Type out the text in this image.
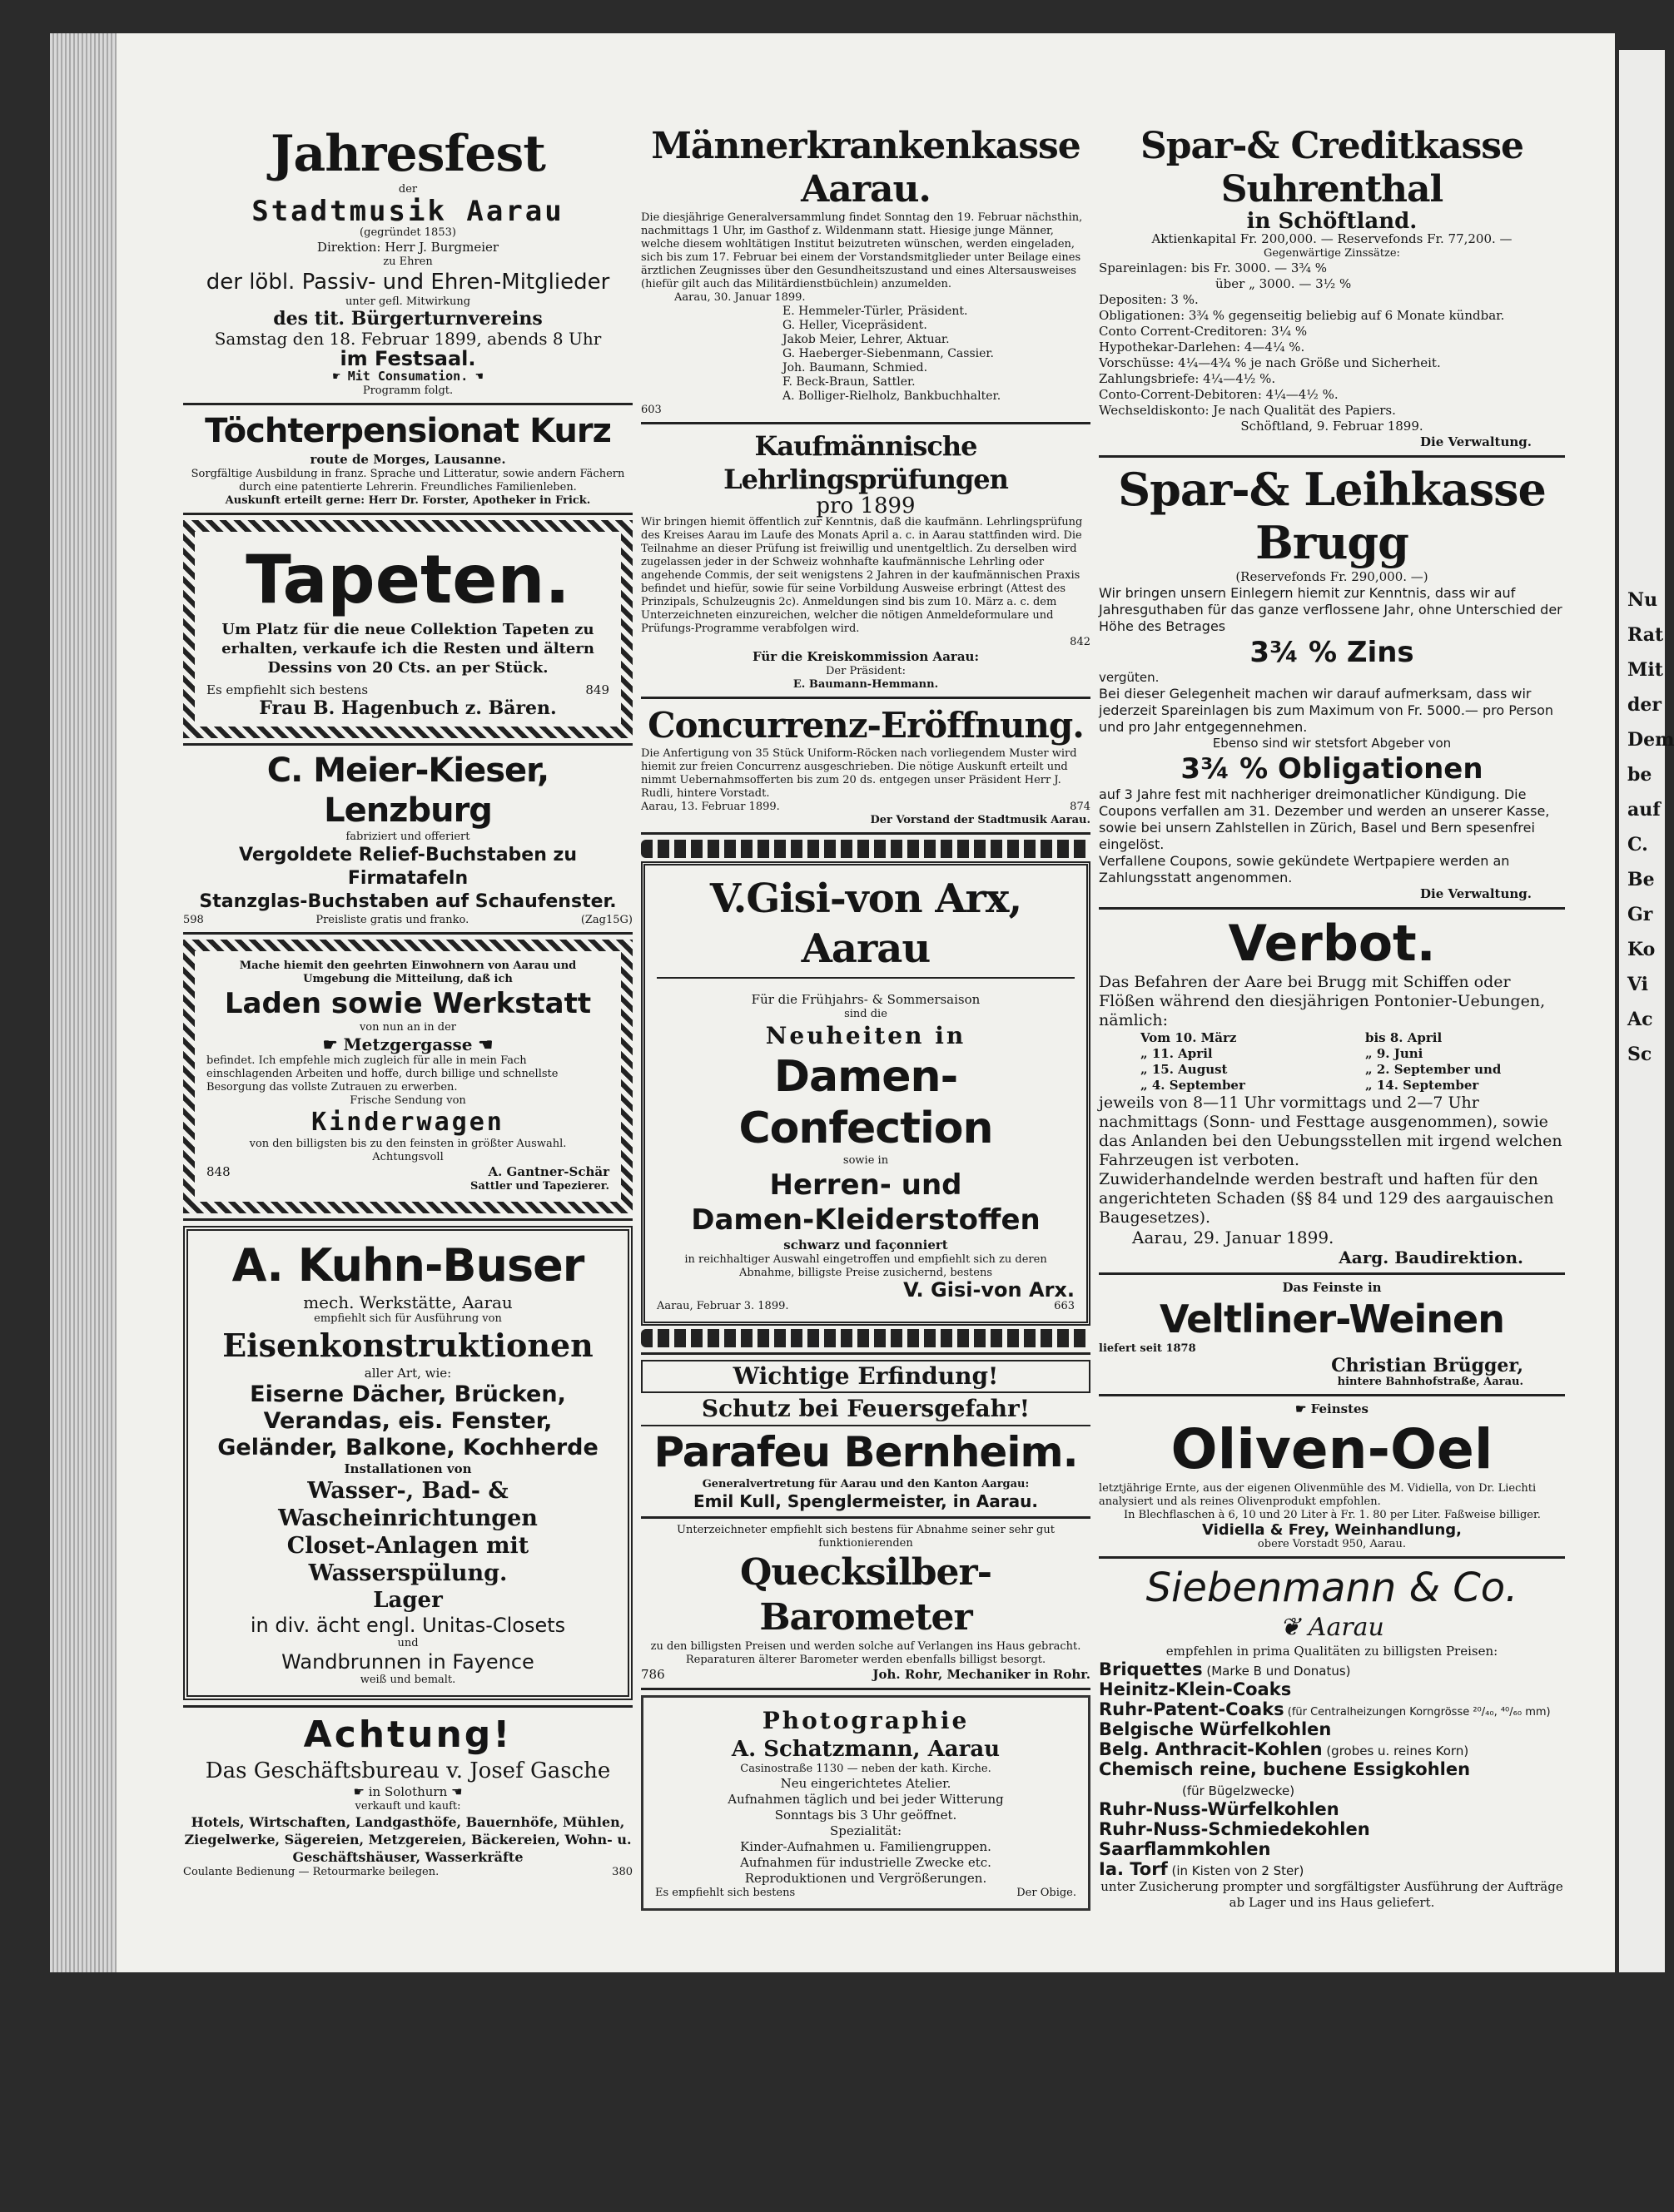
Jahresfest

der

Stadtmusik Aarau

(gegründet 1853)

Direktion: Herr J. Burgmeier

zu Ehren

der löbl. Passiv- und Ehren-Mitglieder

unter gefl. Mitwirkung

des tit. Bürgerturnvereins

Samstag den 18. Februar 1899, abends 8 Uhr

im Festsaal.

☛ Mit Consumation. ☚

Programm folgt.

Töchterpensionat Kurz

route de Morges, Lausanne.

Sorgfältige Ausbildung in franz. Sprache und Litteratur, sowie andern Fächern durch eine patentierte Lehrerin. Freundliches Familienleben.

Auskunft erteilt gerne: Herr Dr. Forster, Apotheker in Frick.

Tapeten.

Um Platz für die neue Collektion Tapeten zu erhalten, verkaufe ich die Resten und ältern Dessins von 20 Cts. an per Stück.

Es empfiehlt sich bestens	849

Frau B. Hagenbuch z. Bären.

C. Meier-Kieser, Lenzburg

fabriziert und offeriert

Vergoldete Relief-Buchstaben zu Firmatafeln

Stanzglas-Buchstaben auf Schaufenster.

598	Preisliste gratis und franko.	(Zag15G)

Mache hiemit den geehrten Einwohnern von Aarau und Umgebung die Mitteilung, daß ich

Laden sowie Werkstatt

von nun an in der

☛ Metzgergasse ☚

befindet. Ich empfehle mich zugleich für alle in mein Fach einschlagenden Arbeiten und hoffe, durch billige und schnellste Besorgung das vollste Zutrauen zu erwerben.

Frische Sendung von

Kinderwagen

von den billigsten bis zu den feinsten in größter Auswahl.

Achtungsvoll

848	A. Gantner-Schär

Sattler und Tapezierer.

A. Kuhn-Buser

mech. Werkstätte, Aarau

empfiehlt sich für Ausführung von

Eisenkonstruktionen

aller Art, wie:

Eiserne Dächer, Brücken, Verandas, eis. Fenster, Geländer, Balkone, Kochherde

Installationen von

Wasser-, Bad- & Wascheinrichtungen

Closet-Anlagen mit Wasserspülung.

Lager

in div. ächt engl. Unitas-Closets

und

Wandbrunnen in Fayence

weiß und bemalt.

Achtung!

Das Geschäftsbureau v. Josef Gasche

☛ in Solothurn ☚

verkauft und kauft:

Hotels, Wirtschaften, Landgasthöfe, Bauernhöfe, Mühlen, Ziegelwerke, Sägereien, Metzgereien, Bäckereien, Wohn- u. Geschäftshäuser, Wasserkräfte

Coulante Bedienung — Retourmarke beilegen.	380

Männerkrankenkasse Aarau.

Die diesjährige Generalversammlung findet Sonntag den 19. Februar nächsthin, nachmittags 1 Uhr, im Gasthof z. Wildenmann statt. Hiesige junge Männer, welche diesem wohltätigen Institut beizutreten wünschen, werden eingeladen, sich bis zum 17. Februar bei einem der Vorstandsmitglieder unter Beilage eines ärztlichen Zeugnisses über den Gesundheitszustand und eines Altersausweises (hiefür gilt auch das Militärdienstbüchlein) anzumelden.

Aarau, 30. Januar 1899.

E. Hemmeler-Türler, Präsident.

G. Heller, Vicepräsident.

Jakob Meier, Lehrer, Aktuar.

G. Haeberger-Siebenmann, Cassier.

Joh. Baumann, Schmied.

F. Beck-Braun, Sattler.

A. Bolliger-Rielholz, Bankbuchhalter.

603

Kaufmännische Lehrlingsprüfungen

pro 1899

Wir bringen hiemit öffentlich zur Kenntnis, daß die kaufmänn. Lehrlingsprüfung des Kreises Aarau im Laufe des Monats April a. c. in Aarau stattfinden wird. Die Teilnahme an dieser Prüfung ist freiwillig und unentgeltlich. Zu derselben wird zugelassen jeder in der Schweiz wohnhafte kaufmännische Lehrling oder angehende Commis, der seit wenigstens 2 Jahren in der kaufmännischen Praxis befindet und hiefür, sowie für seine Vorbildung Ausweise erbringt (Attest des Prinzipals, Schulzeugnis 2c). Anmeldungen sind bis zum 10. März a. c. dem Unterzeichneten einzureichen, welcher die nötigen Anmeldeformulare und Prüfungs-Programme verabfolgen wird.

842

Für die Kreiskommission Aarau:

Der Präsident:

E. Baumann-Hemmann.

Concurrenz-Eröffnung.

Die Anfertigung von 35 Stück Uniform-Röcken nach vorliegendem Muster wird hiemit zur freien Concurrenz ausgeschrieben. Die nötige Auskunft erteilt und nimmt Uebernahmsofferten bis zum 20 ds. entgegen unser Präsident Herr J. Rudli, hintere Vorstadt.

Aarau, 13. Februar 1899.	874

Der Vorstand der Stadtmusik Aarau.

V.Gisi-von Arx, Aarau

Für die Frühjahrs- & Sommersaison

sind die

Neuheiten in

Damen-Confection

sowie in

Herren- und

Damen-Kleiderstoffen

schwarz und façonniert

in reichhaltiger Auswahl eingetroffen und empfiehlt sich zu deren Abnahme, billigste Preise zusichernd, bestens

V. Gisi-von Arx.

Aarau, Februar 3. 1899.	663

Wichtige Erfindung!

Schutz bei Feuersgefahr!

Parafeu Bernheim.

Generalvertretung für Aarau und den Kanton Aargau:

Emil Kull, Spenglermeister, in Aarau.

Unterzeichneter empfiehlt sich bestens für Abnahme seiner sehr gut funktionierenden

Quecksilber-Barometer

zu den billigsten Preisen und werden solche auf Verlangen ins Haus gebracht. Reparaturen älterer Barometer werden ebenfalls billigst besorgt.

786	Joh. Rohr, Mechaniker in Rohr.

Photographie

A. Schatzmann, Aarau

Casinostraße 1130 — neben der kath. Kirche.

Neu eingerichtetes Atelier.

Aufnahmen täglich und bei jeder Witterung

Sonntags bis 3 Uhr geöffnet.

Spezialität:

Kinder-Aufnahmen u. Familiengruppen.

Aufnahmen für industrielle Zwecke etc.

Reproduktionen und Vergrößerungen.

Es empfiehlt sich bestens	Der Obige.

Spar-& Creditkasse Suhrenthal

in Schöftland.

Aktienkapital Fr. 200,000. — Reservefonds Fr. 77,200. —

Gegenwärtige Zinssätze:

Spareinlagen: bis Fr. 3000. — 3¾ %

über „ 3000. — 3½ %

Depositen: 3 %.

Obligationen: 3¾ % gegenseitig beliebig auf 6 Monate kündbar.

Conto Corrent-Creditoren: 3¼ %

Hypothekar-Darlehen: 4—4¼ %.

Vorschüsse: 4¼—4¾ % je nach Größe und Sicherheit.

Zahlungsbriefe: 4¼—4½ %.

Conto-Corrent-Debitoren: 4¼—4½ %.

Wechseldiskonto: Je nach Qualität des Papiers.

Schöftland, 9. Februar 1899.

Die Verwaltung.

Spar-& Leihkasse Brugg

(Reservefonds Fr. 290,000. —)

Wir bringen unsern Einlegern hiemit zur Kenntnis, dass wir auf Jahresguthaben für das ganze verflossene Jahr, ohne Unterschied der Höhe des Betrages

3¾ % Zins

vergüten.

Bei dieser Gelegenheit machen wir darauf aufmerksam, dass wir jederzeit Spareinlagen bis zum Maximum von Fr. 5000.— pro Person und pro Jahr entgegennehmen.

Ebenso sind wir stetsfort Abgeber von

3¾ % Obligationen

auf 3 Jahre fest mit nachheriger dreimonatlicher Kündigung. Die Coupons verfallen am 31. Dezember und werden an unserer Kasse, sowie bei unsern Zahlstellen in Zürich, Basel und Bern spesenfrei eingelöst.

Verfallene Coupons, sowie gekündete Wertpapiere werden an Zahlungsstatt angenommen.

Die Verwaltung.

Verbot.

Das Befahren der Aare bei Brugg mit Schiffen oder Flößen während den diesjährigen Pontonier-Uebungen, nämlich:

Vom 10. März	bis 8. April
„ 11. April	„ 9. Juni
„ 15. August	„ 2. September und
„ 4. September	„ 14. September

jeweils von 8—11 Uhr vormittags und 2—7 Uhr nachmittags (Sonn- und Festtage ausgenommen), sowie das Anlanden bei den Uebungsstellen mit irgend welchen Fahrzeugen ist verboten.

Zuwiderhandelnde werden bestraft und haften für den angerichteten Schaden (§§ 84 und 129 des aargauischen Baugesetzes).

Aarau, 29. Januar 1899.

Aarg. Baudirektion.

Das Feinste in

Veltliner-Weinen

liefert seit 1878

Christian Brügger,

hintere Bahnhofstraße, Aarau.

☛ Feinstes

Oliven-Oel

letztjährige Ernte, aus der eigenen Olivenmühle des M. Vidiella, von Dr. Liechti analysiert und als reines Olivenprodukt empfohlen.

In Blechflaschen à 6, 10 und 20 Liter à Fr. 1. 80 per Liter. Faßweise billiger.

Vidiella & Frey, Weinhandlung,

obere Vorstadt 950, Aarau.

Siebenmann & Co.

❦ Aarau

empfehlen in prima Qualitäten zu billigsten Preisen:

Briquettes (Marke B und Donatus)

Heinitz-Klein-Coaks

Ruhr-Patent-Coaks (für Centralheizungen Korngrösse ²⁰/₄₀, ⁴⁰/₆₀ mm)

Belgische Würfelkohlen

Belg. Anthracit-Kohlen (grobes u. reines Korn)

Chemisch reine, buchene Essigkohlen

(für Bügelzwecke)

Ruhr-Nuss-Würfelkohlen

Ruhr-Nuss-Schmiedekohlen

Saarflammkohlen

Ia. Torf (in Kisten von 2 Ster)

unter Zusicherung prompter und sorgfältigster Ausführung der Aufträge ab Lager und ins Haus geliefert.

Nu

Rat

Mit

der

Dem

be

auf

C.

Be

Gr

Ko

Vi

Ac

Sc
